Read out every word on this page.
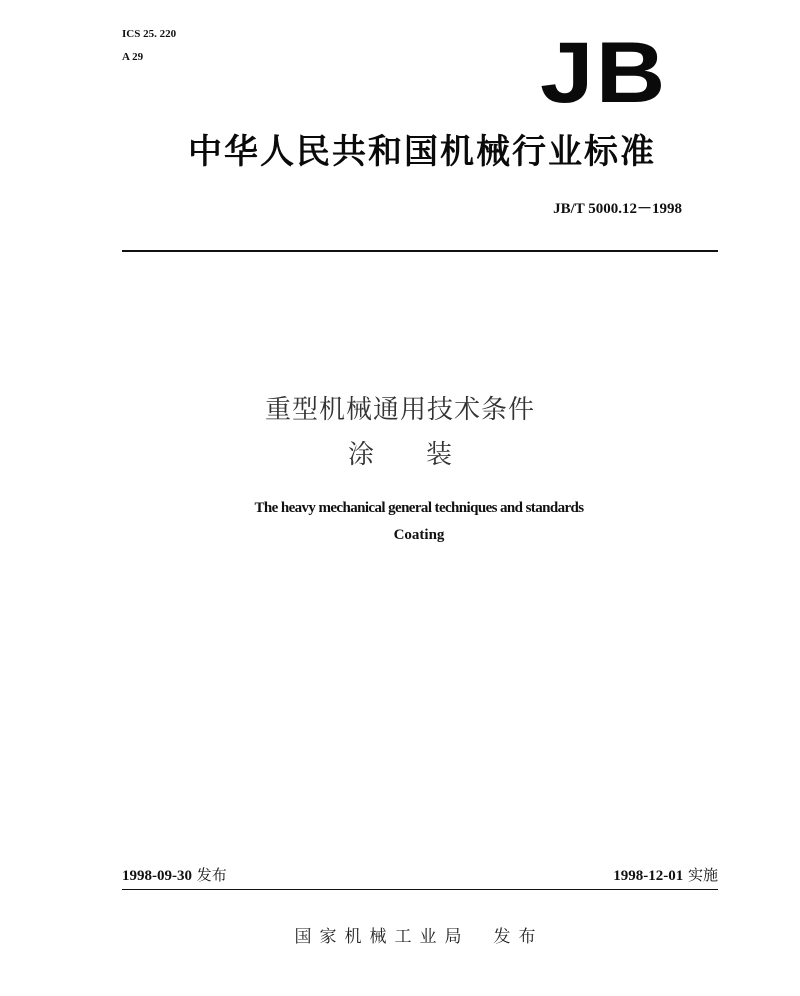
ICS 25. 220
A 29	JB
中华人民共和国机械行业标准
JB/T 5000.12－1998
重型机械通用技术条件
涂　　装
The heavy mechanical general techniques and standards
Coating
1998-09-30 发布	1998-12-01 实施
国家机械工业局 发布
